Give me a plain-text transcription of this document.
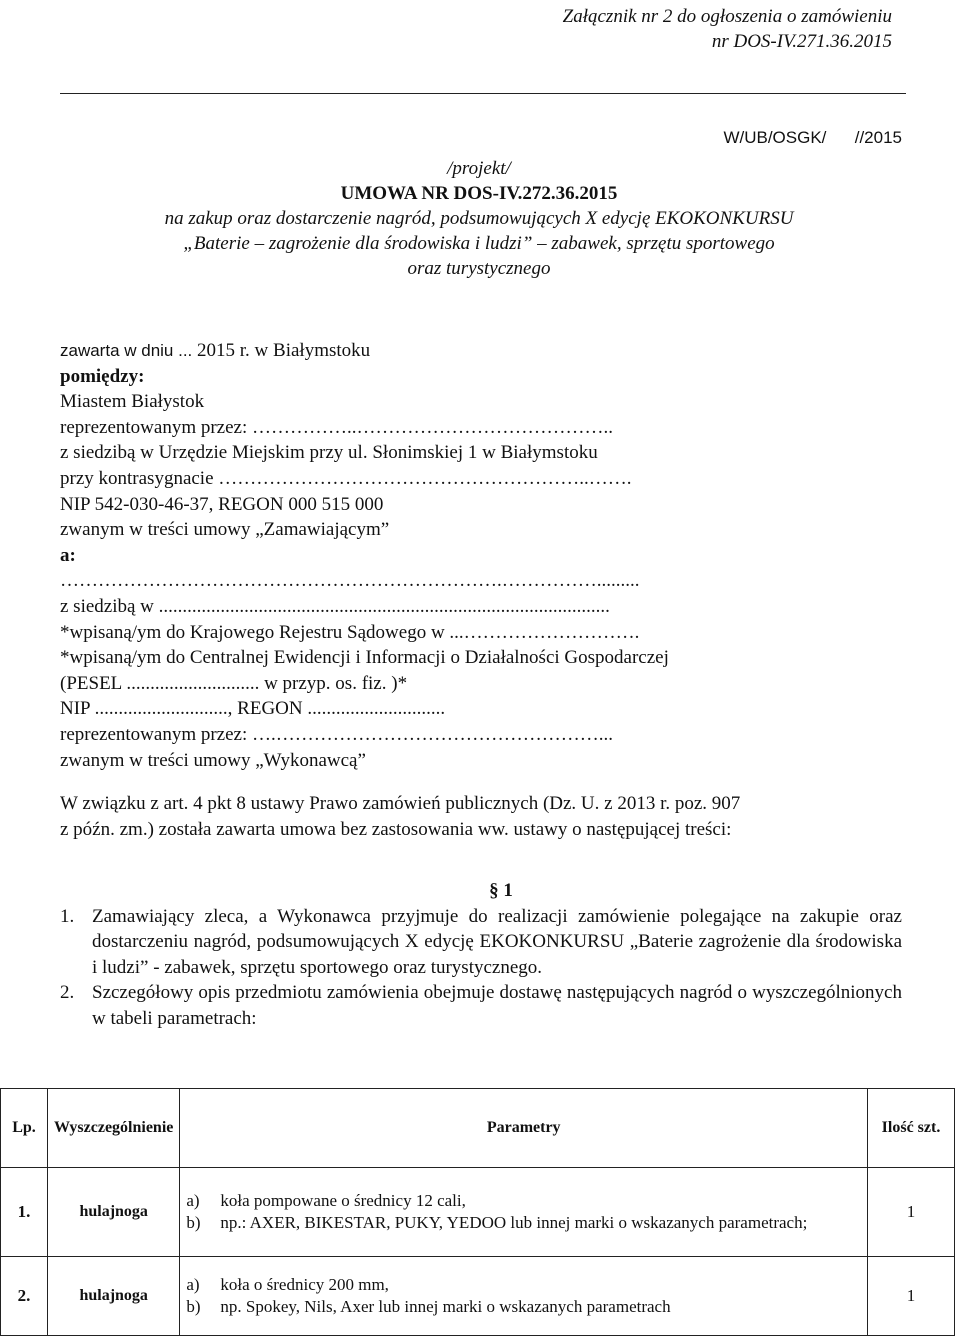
Załącznik nr 2 do ogłoszenia o zamówieniu
nr DOS-IV.271.36.2015
W/UB/OSGK/      //2015
/projekt/
UMOWA NR DOS-IV.272.36.2015
na zakup oraz dostarczenie nagród, podsumowujących X edycję EKOKONKURSU
„Baterie – zagrożenie dla środowiska i ludzi” – zabawek, sprzętu sportowego
oraz turystycznego

zawarta w dniu ... 2015 r. w Białymstoku

pomiędzy:

Miastem Białystok

reprezentowanym przez: ……………..…………………………………..

z siedzibą w Urzędzie Miejskim przy ul. Słonimskiej 1 w Białymstoku

przy kontrasygnacie …………………………………………………..…….

NIP 542-030-46-37, REGON 000 515 000

zwanym w treści umowy „Zamawiającym”

a:

…………………………………………………………….…………….........

z siedzibą w ...............................................................................................

*wpisaną/ym do Krajowego Rejestru Sądowego w ...……………………….

*wpisaną/ym do Centralnej Ewidencji i Informacji o Działalności Gospodarczej

(PESEL ............................ w przyp. os. fiz. )*

NIP ............................, REGON .............................

reprezentowanym przez: ….……………………………………………...

zwanym w treści umowy „Wykonawcą”

W związku z art. 4 pkt 8 ustawy Prawo zamówień publicznych (Dz. U. z 2013 r. poz. 907

z późn. zm.) została zawarta umowa bez zastosowania ww. ustawy o następującej treści:

§ 1
1. Zamawiający zleca, a Wykonawca przyjmuje do realizacji zamówienie polegające na zakupie oraz dostarczeniu nagród, podsumowujących X edycję EKOKONKURSU „Baterie zagrożenie dla środowiska i ludzi” - zabawek, sprzętu sportowego oraz turystycznego.
2. Szczegółowy opis przedmiotu zamówienia obejmuje dostawę następujących nagród o wyszczególnionych w tabeli parametrach:
Lp.	Wyszczególnienie	Parametry	Ilość szt.
1.	hulajnoga	a) koła pompowane o średnicy 12 cali,
b) np.: AXER, BIKESTAR, PUKY, YEDOO lub innej marki o wskazanych parametrach;	1
2.	hulajnoga	a) koła o średnicy 200 mm,
b) np. Spokey, Nils, Axer lub innej marki o wskazanych parametrach	1
